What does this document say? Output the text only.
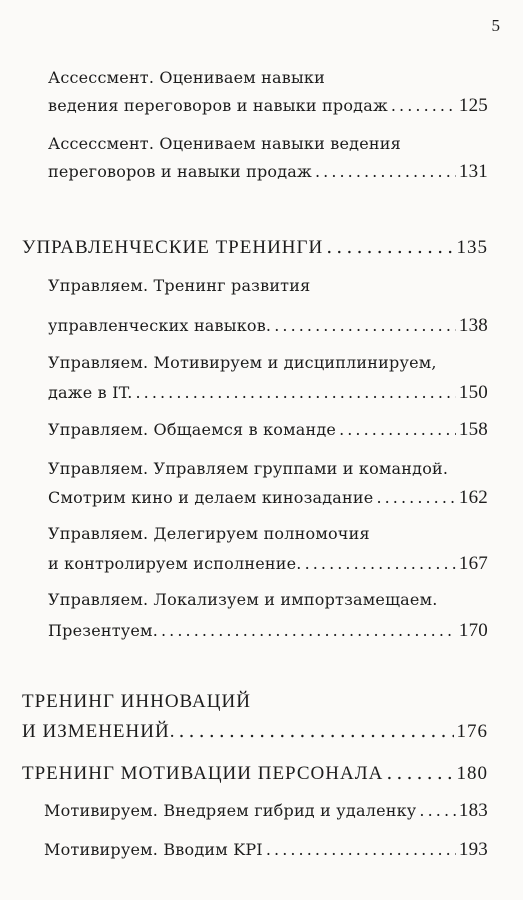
5
Ассессмент. Оцениваем навыки
ведения переговоров и навыки продаж . . .	125
Ассессмент. Оцениваем навыки ведения
переговоров и навыки продаж . . .	131
УПРАВЛЕНЧЕСКИЕ ТРЕНИНГИ . . .	135
Управляем. Тренинг развития
управленческих навыков. . . .	138
Управляем. Мотивируем и дисциплинируем,
даже в IT. . . .	150
Управляем. Общаемся в команде . . .	158
Управляем. Управляем группами и командой.
Смотрим кино и делаем кинозадание . . .	162
Управляем. Делегируем полномочия
и контролируем исполнение. . . .	167
Управляем. Локализуем и импортзамещаем.
Презентуем. . . .	170
ТРЕНИНГ ИННОВАЦИЙ
И ИЗМЕНЕНИЙ. . . .	176
ТРЕНИНГ МОТИВАЦИИ ПЕРСОНАЛА . . .	180
Мотивируем. Внедряем гибрид и удаленку . . . 183
Мотивируем. Вводим KPI . . .	193
